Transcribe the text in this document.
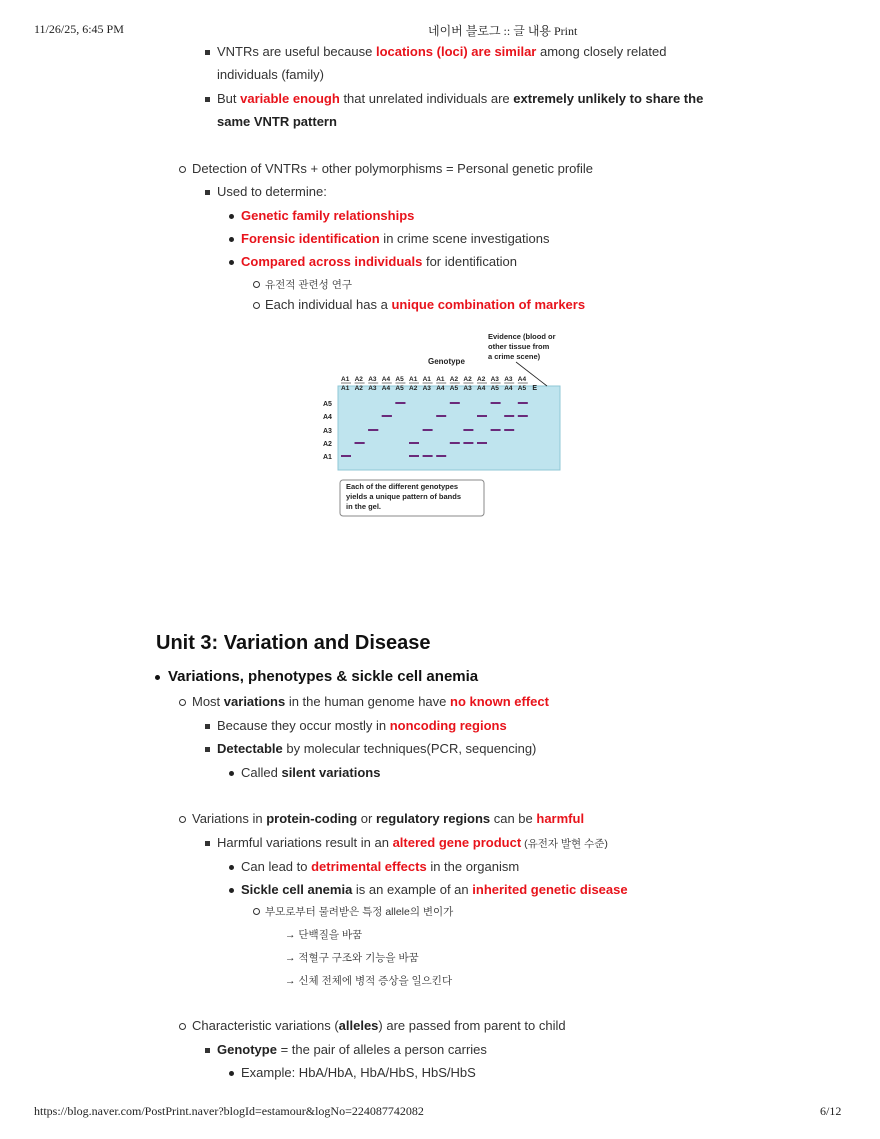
11/26/25, 6:45 PM	네이버 블로그 :: 글 내용 Print
VNTRs are useful because locations (loci) are similar among closely related
individuals (family)
But variable enough that unrelated individuals are extremely unlikely to share the
same VNTR pattern
Detection of VNTRs + other polymorphisms = Personal genetic profile
Used to determine:
Genetic family relationships
Forensic identification in crime scene investigations
Compared across individuals for identification
유전적 관련성 연구
Each individual has a unique combination of markers
Evidence (blood or
other tissue from
a crime scene)
Genotype
A1
A1
A2
A2
A3
A3
A4
A4
A5
A5
A1
A2
A1
A3
A1
A4
A2
A5
A2
A3
A2
A4
A3
A5
A3
A4
A4
A5 E
A5
A4
A3
A2
A1
Each of the different genotypes
yields a unique pattern of bands
in the gel.
Unit 3: Variation and Disease
Variations, phenotypes & sickle cell anemia
Most variations in the human genome have no known effect
Because they occur mostly in noncoding regions
Detectable by molecular techniques(PCR, sequencing)
Called silent variations
Variations in protein-coding or regulatory regions can be harmful
Harmful variations result in an altered gene product (유전자 발현 수준)
Can lead to detrimental effects in the organism
Sickle cell anemia is an example of an inherited genetic disease
부모로부터 물려받은 특정 allele의 변이가
→ 단백질을 바꿈
→ 적혈구 구조와 기능을 바꿈
→ 신체 전체에 병적 증상을 일으킨다
Characteristic variations (alleles) are passed from parent to child
Genotype = the pair of alleles a person carries
Example: HbA/HbA, HbA/HbS, HbS/HbS
https://blog.naver.com/PostPrint.naver?blogId=estamour&logNo=224087742082	6/12
